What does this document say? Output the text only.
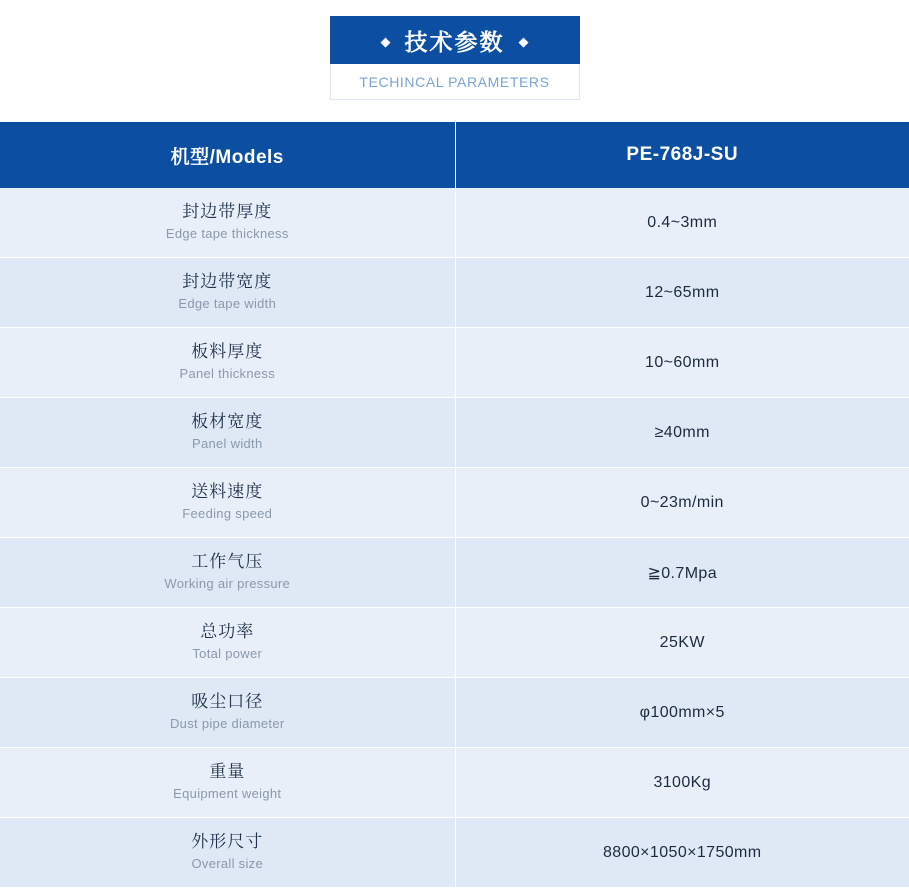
◆ 技术参数 ◆
TECHINCAL PARAMETERS
机型/Models	PE-768J-SU

封边带厚度
Edge tape thickness	0.4~3mm

封边带宽度
Edge tape width	12~65mm

板料厚度
Panel thickness	10~60mm

板材宽度
Panel width	≥40mm

送料速度
Feeding speed	0~23m/min

工作气压
Working air pressure	≧0.7Mpa

总功率
Total power	25KW

吸尘口径
Dust pipe diameter	φ100mm×5

重量
Equipment weight	3100Kg

外形尺寸
Overall size	8800×1050×1750mm
